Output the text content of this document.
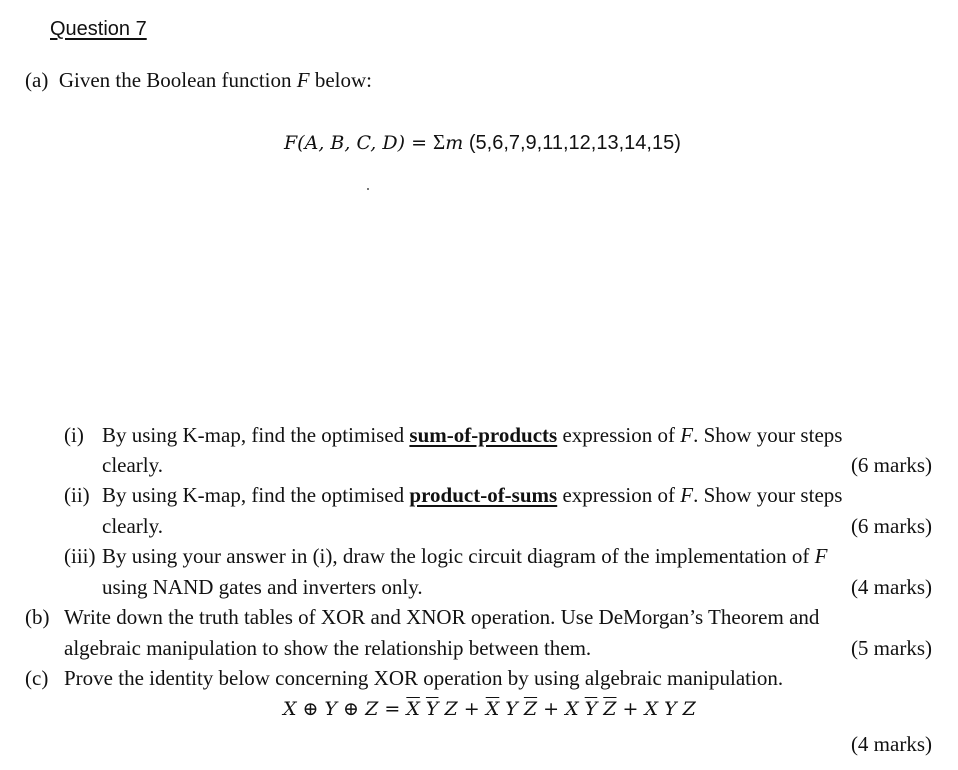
Question 7
(a) Given the Boolean function F below:
F(A, B, C, D) = Σm (5,6,7,9,11,12,13,14,15)
(i) By using K-map, find the optimised sum-of-products expression of F. Show your steps
clearly.	(6 marks)
(ii) By using K-map, find the optimised product-of-sums expression of F. Show your steps
clearly.	(6 marks)
(iii) By using your answer in (i), draw the logic circuit diagram of the implementation of F
using NAND gates and inverters only.	(4 marks)
(b) Write down the truth tables of XOR and XNOR operation. Use DeMorgan’s Theorem and
algebraic manipulation to show the relationship between them.	(5 marks)
(c) Prove the identity below concerning XOR operation by using algebraic manipulation.
X ⊕ Y ⊕ $Z = \overline{X}$ $\overline{Y}$ $Z + \overline{X}$ Y $\overline{Z} + X$ $\overline{Y}$ $\overline{Z} + X$ Y Z
(4 marks)
